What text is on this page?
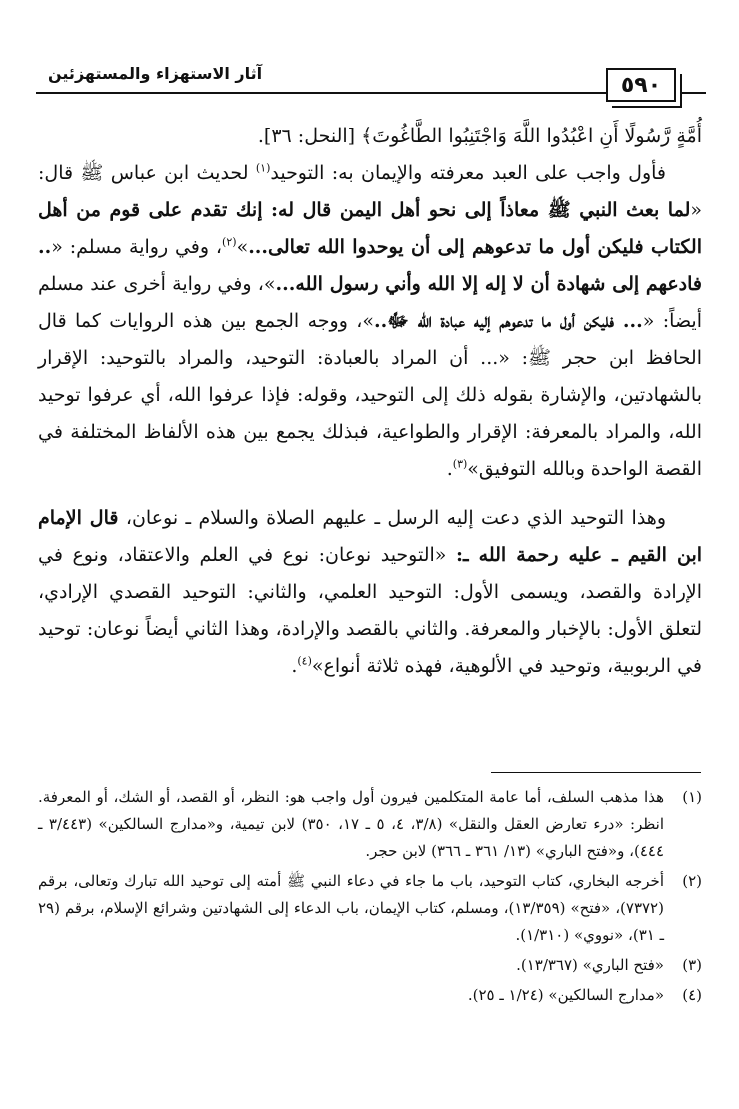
٥٩٠
آثار الاستهزاء والمستهزئين

أُمَّةٍ رَّسُولًا أَنِ اعْبُدُوا اللَّهَ وَاجْتَنِبُوا الطَّاغُوتَ﴾ [النحل: ٣٦].

فأول واجب على العبد معرفته والإيمان به: التوحيد$^{(١)}$ لحديث ابن عباس ﷺ قال: «لما بعث النبي ﷺ معاذاً إلى نحو أهل اليمن قال له: إنك تقدم على قوم من أهل الكتاب فليكن أول ما تدعوهم إلى أن يوحدوا الله تعالى...»$^{(٢)}$، وفي رواية مسلم: «.. فادعهم إلى شهادة أن لا إله إلا الله وأني رسول الله...»، وفي رواية أخرى عند مسلم أيضاً: «... فليكن أول ما تدعوهم إليه عبادة الله ﷻ..»، ووجه الجمع بين هذه الروايات كما قال الحافظ ابن حجر ﷺ: «... أن المراد بالعبادة: التوحيد، والمراد بالتوحيد: الإقرار بالشهادتين، والإشارة بقوله ذلك إلى التوحيد، وقوله: فإذا عرفوا الله، أي عرفوا توحيد الله، والمراد بالمعرفة: الإقرار والطواعية، فبذلك يجمع بين هذه الألفاظ المختلفة في القصة الواحدة وبالله التوفيق»$^{(٣)}$.

وهذا التوحيد الذي دعت إليه الرسل ـ عليهم الصلاة والسلام ـ نوعان، قال الإمام ابن القيم ـ عليه رحمة الله ـ: «التوحيد نوعان: نوع في العلم والاعتقاد، ونوع في الإرادة والقصد، ويسمى الأول: التوحيد العلمي، والثاني: التوحيد القصدي الإرادي، لتعلق الأول: بالإخبار والمعرفة. والثاني بالقصد والإرادة، وهذا الثاني أيضاً نوعان: توحيد في الربوبية، وتوحيد في الألوهية، فهذه ثلاثة أنواع»$^{(٤)}$.

(١)
هذا مذهب السلف، أما عامة المتكلمين فيرون أول واجب هو: النظر، أو القصد، أو الشك، أو المعرفة. انظر: «درء تعارض العقل والنقل» (٣/٨، ٤، ٥ ـ ١٧، ٣٥٠) لابن تيمية، و«مدارج السالكين» (٣/٤٤٣ ـ ٤٤٤)، و«فتح الباري» (١٣/ ٣٦١ ـ ٣٦٦) لابن حجر.
(٢)
أخرجه البخاري، كتاب التوحيد، باب ما جاء في دعاء النبي ﷺ أمته إلى توحيد الله تبارك وتعالى، برقم (٧٣٧٢)، «فتح» (١٣/٣٥٩)، ومسلم، كتاب الإيمان، باب الدعاء إلى الشهادتين وشرائع الإسلام، برقم (٢٩ ـ ٣١)، «نووي» (١/٣١٠).
(٣)
«فتح الباري» (١٣/٣٦٧).
(٤)
«مدارج السالكين» (١/٢٤ ـ ٢٥).
